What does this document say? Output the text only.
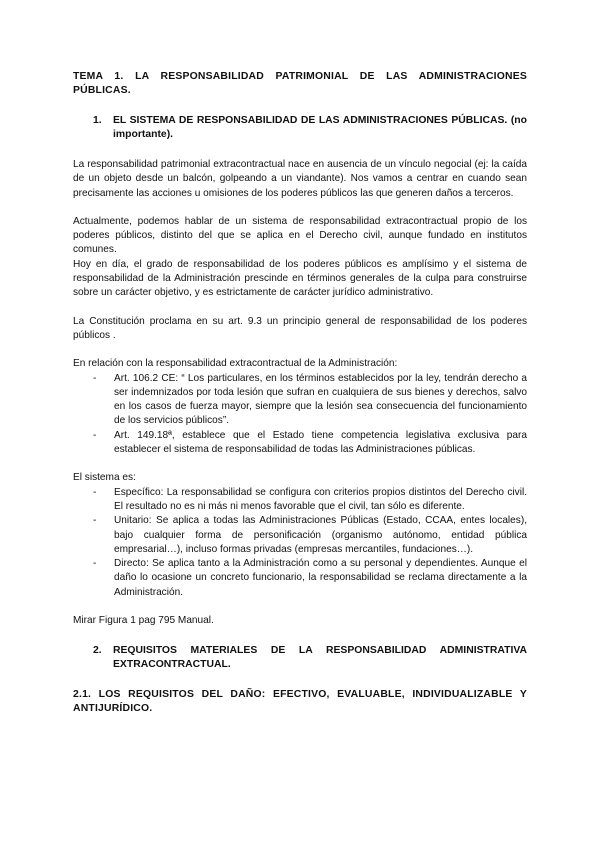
TEMA 1. LA RESPONSABILIDAD PATRIMONIAL DE LAS ADMINISTRACIONES PÚBLICAS.

1.	EL SISTEMA DE RESPONSABILIDAD DE LAS ADMINISTRACIONES PÚBLICAS. (no importante).

La responsabilidad patrimonial extracontractual nace en ausencia de un vínculo negocial (ej: la caída de un objeto desde un balcón, golpeando a un viandante). Nos vamos a centrar en cuando sean precisamente las acciones u omisiones de los poderes públicos las que generen daños a terceros.

Actualmente, podemos hablar de un sistema de responsabilidad extracontractual propio de los poderes públicos, distinto del que se aplica en el Derecho civil, aunque fundado en institutos comunes.

Hoy en día, el grado de responsabilidad de los poderes públicos es amplísimo y el sistema de responsabilidad de la Administración prescinde en términos generales de la culpa para construirse sobre un carácter objetivo, y es estrictamente de carácter jurídico administrativo.

La Constitución proclama en su art. 9.3 un principio general de responsabilidad de los poderes públicos .

En relación con la responsabilidad extracontractual de la Administración:

- Art. 106.2 CE: “ Los particulares, en los términos establecidos por la ley, tendrán derecho a ser indemnizados por toda lesión que sufran en cualquiera de sus bienes y derechos, salvo en los casos de fuerza mayor, siempre que la lesión sea consecuencia del funcionamiento de los servicios públicos”.
- Art. 149.18ª, establece que el Estado tiene competencia legislativa exclusiva para establecer el sistema de responsabilidad de todas las Administraciones públicas.

El sistema es:

- Específico: La responsabilidad se configura con criterios propios distintos del Derecho civil. El resultado no es ni más ni menos favorable que el civil, tan sólo es diferente.
- Unitario: Se aplica a todas las Administraciones Públicas (Estado, CCAA, entes locales), bajo cualquier forma de personificación (organismo autónomo, entidad pública empresarial…), incluso formas privadas (empresas mercantiles, fundaciones…).
- Directo: Se aplica tanto a la Administración como a su personal y dependientes. Aunque el daño lo ocasione un concreto funcionario, la responsabilidad se reclama directamente a la Administración.

Mirar Figura 1 pag 795 Manual.

2.	REQUISITOS MATERIALES DE LA RESPONSABILIDAD ADMINISTRATIVA EXTRACONTRACTUAL.

2.1. LOS REQUISITOS DEL DAÑO: EFECTIVO, EVALUABLE, INDIVIDUALIZABLE Y ANTIJURÍDICO.
